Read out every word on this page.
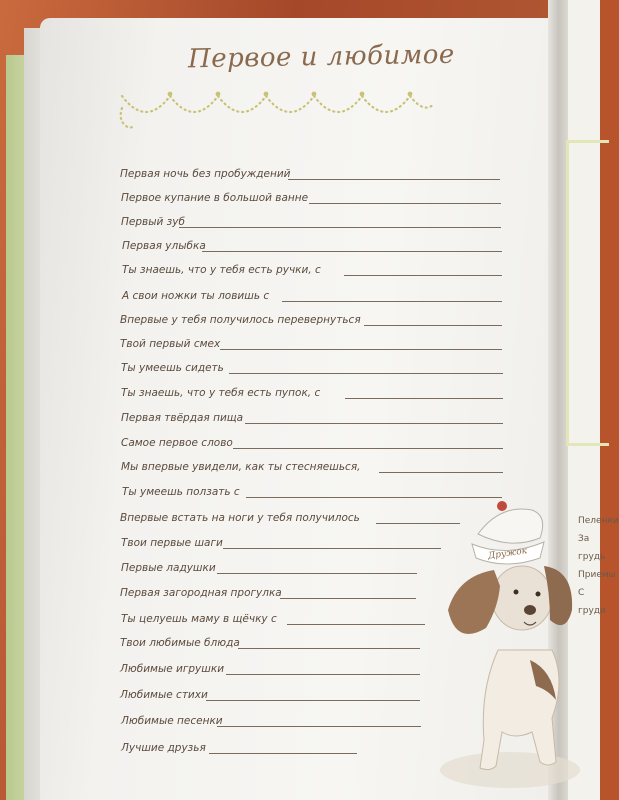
Пеленки
За грудь
Приемы
С груди
Первое и любимое
Первая ночь без пробуждений
Первое купание в большой ванне
Первый зуб
Первая улыбка
Ты знаешь, что у тебя есть ручки, с
А свои ножки ты ловишь с
Впервые у тебя получилось перевернуться
Твой первый смех
Ты умеешь сидеть
Ты знаешь, что у тебя есть пупок, с
Первая твёрдая пища
Самое первое слово
Мы впервые увидели, как ты стесняешься,
Ты умеешь ползать с
Впервые встать на ноги у тебя получилось
Твои первые шаги
Первые ладушки
Первая загородная прогулка
Ты целуешь маму в щёчку с
Твои любимые блюда
Любимые игрушки
Любимые стихи
Любимые песенки
Лучшие друзья
Дружок
